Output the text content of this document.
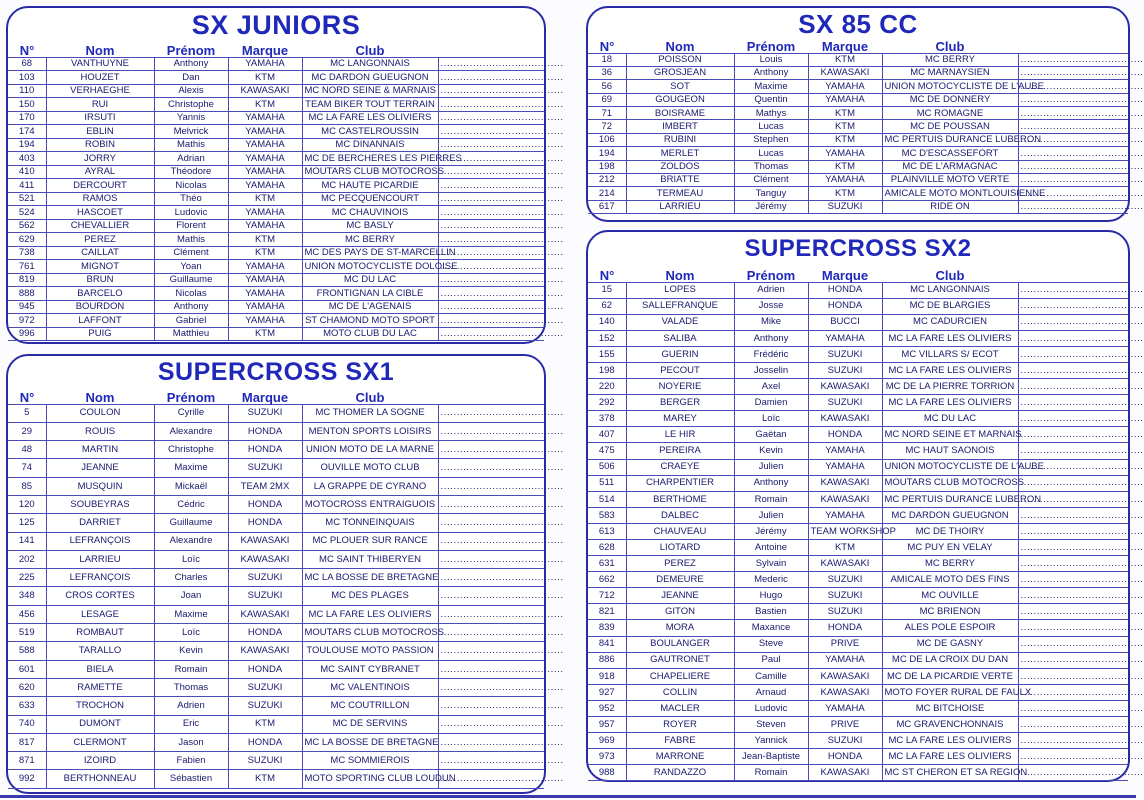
SX JUNIORS
N°	Nom	Prénom	Marque	Club	
68	VANTHUYNE	Anthony	YAMAHA	MC LANGONNAIS	......................................
103	HOUZET	Dan	KTM	MC DARDON GUEUGNON	......................................
110	VERHAEGHE	Alexis	KAWASAKI	MC NORD SEINE & MARNAIS	......................................
150	RUI	Christophe	KTM	TEAM BIKER TOUT TERRAIN	......................................
170	IRSUTI	Yannis	YAMAHA	MC LA FARE LES OLIVIERS	......................................
174	EBLIN	Melvrick	YAMAHA	MC CASTELROUSSIN	......................................
194	ROBIN	Mathis	YAMAHA	MC DINANNAIS	......................................
403	JORRY	Adrian	YAMAHA	MC DE BERCHERES LES PIERRES	......................................
410	AYRAL	Théodore	YAMAHA	MOUTARS CLUB MOTOCROSS	......................................
411	DERCOURT	Nicolas	YAMAHA	MC HAUTE PICARDIE	......................................
521	RAMOS	Théo	KTM	MC PECQUENCOURT	......................................
524	HASCOET	Ludovic	YAMAHA	MC CHAUVINOIS	......................................
562	CHEVALLIER	Florent	YAMAHA	MC BASLY	......................................
629	PEREZ	Mathis	KTM	MC BERRY	......................................
738	CAILLAT	Clément	KTM	MC DES PAYS DE ST-MARCELLIN	......................................
761	MIGNOT	Yoan	YAMAHA	UNION MOTOCYCLISTE DOLOISE	......................................
819	BRUN	Guillaume	YAMAHA	MC DU LAC	......................................
888	BARCELO	Nicolas	YAMAHA	FRONTIGNAN LA CIBLE	......................................
945	BOURDON	Anthony	YAMAHA	MC DE L'AGENAIS	......................................
972	LAFFONT	Gabriel	YAMAHA	ST CHAMOND MOTO SPORT	......................................
996	PUIG	Matthieu	KTM	MOTO CLUB DU LAC	......................................
SUPERCROSS SX1
N°	Nom	Prénom	Marque	Club	
5	COULON	Cyrille	SUZUKI	MC THOMER LA SOGNE	......................................
29	ROUIS	Alexandre	HONDA	MENTON SPORTS LOISIRS	......................................
48	MARTIN	Christophe	HONDA	UNION MOTO DE LA MARNE	......................................
74	JEANNE	Maxime	SUZUKI	OUVILLE MOTO CLUB	......................................
85	MUSQUIN	Mickaël	TEAM 2MX	LA GRAPPE DE CYRANO	......................................
120	SOUBEYRAS	Cédric	HONDA	MOTOCROSS ENTRAIGUOIS	......................................
125	DARRIET	Guillaume	HONDA	MC TONNEINQUAIS	......................................
141	LEFRANÇOIS	Alexandre	KAWASAKI	MC PLOUER SUR RANCE	......................................
202	LARRIEU	Loïc	KAWASAKI	MC SAINT THIBERYEN	......................................
225	LEFRANÇOIS	Charles	SUZUKI	MC LA BOSSE DE BRETAGNE	......................................
348	CROS CORTES	Joan	SUZUKI	MC DES PLAGES	......................................
456	LESAGE	Maxime	KAWASAKI	MC LA FARE LES OLIVIERS	......................................
519	ROMBAUT	Loïc	HONDA	MOUTARS CLUB MOTOCROSS	......................................
588	TARALLO	Kevin	KAWASAKI	TOULOUSE MOTO PASSION	......................................
601	BIELA	Romain	HONDA	MC SAINT CYBRANET	......................................
620	RAMETTE	Thomas	SUZUKI	MC VALENTINOIS	......................................
633	TROCHON	Adrien	SUZUKI	MC COUTRILLON	......................................
740	DUMONT	Eric	KTM	MC DE SERVINS	......................................
817	CLERMONT	Jason	HONDA	MC LA BOSSE DE BRETAGNE	......................................
871	IZOIRD	Fabien	SUZUKI	MC SOMMIEROIS	......................................
992	BERTHONNEAU	Sébastien	KTM	MOTO SPORTING CLUB LOUDUN	......................................
SX 85 CC
N°	Nom	Prénom	Marque	Club	
18	POISSON	Louis	KTM	MC BERRY	......................................
36	GROSJEAN	Anthony	KAWASAKI	MC MARNAYSIEN	......................................
56	SOT	Maxime	YAMAHA	UNION MOTOCYCLISTE DE L'AUBE	......................................
69	GOUGEON	Quentin	YAMAHA	MC DE DONNERY	......................................
71	BOISRAME	Mathys	KTM	MC ROMAGNE	......................................
72	IMBERT	Lucas	KTM	MC DE POUSSAN	......................................
106	RUBINI	Stephen	KTM	MC PERTUIS DURANCE LUBERON	......................................
194	MERLET	Lucas	YAMAHA	MC D'ESCASSEFORT	......................................
198	ZOLDOS	Thomas	KTM	MC DE L'ARMAGNAC	......................................
212	BRIATTE	Clément	YAMAHA	PLAINVILLE MOTO VERTE	......................................
214	TERMEAU	Tanguy	KTM	AMICALE MOTO MONTLOUISIENNE	......................................
617	LARRIEU	Jérémy	SUZUKI	RIDE ON	......................................
SUPERCROSS SX2
N°	Nom	Prénom	Marque	Club	
15	LOPES	Adrien	HONDA	MC LANGONNAIS	......................................
62	SALLEFRANQUE	Josse	HONDA	MC DE BLARGIES	......................................
140	VALADE	Mike	BUCCI	MC CADURCIEN	......................................
152	SALIBA	Anthony	YAMAHA	MC LA FARE LES OLIVIERS	......................................
155	GUERIN	Frédéric	SUZUKI	MC VILLARS S/ ECOT	......................................
198	PECOUT	Josselin	SUZUKI	MC LA FARE LES OLIVIERS	......................................
220	NOYERIE	Axel	KAWASAKI	MC DE LA PIERRE TORRION	......................................
292	BERGER	Damien	SUZUKI	MC LA FARE LES OLIVIERS	......................................
378	MAREY	Loïc	KAWASAKI	MC DU LAC	......................................
407	LE HIR	Gaëtan	HONDA	MC NORD SEINE ET MARNAIS	......................................
475	PEREIRA	Kevin	YAMAHA	MC HAUT SAONOIS	......................................
506	CRAEYE	Julien	YAMAHA	UNION MOTOCYCLISTE DE L'AUBE	......................................
511	CHARPENTIER	Anthony	KAWASAKI	MOUTARS CLUB MOTOCROSS	......................................
514	BERTHOME	Romain	KAWASAKI	MC PERTUIS DURANCE LUBERON	......................................
583	DALBEC	Julien	YAMAHA	MC DARDON GUEUGNON	......................................
613	CHAUVEAU	Jérémy	TEAM WORKSHOP	MC DE THOIRY	......................................
628	LIOTARD	Antoine	KTM	MC PUY EN VELAY	......................................
631	PEREZ	Sylvain	KAWASAKI	MC BERRY	......................................
662	DEMEURE	Mederic	SUZUKI	AMICALE MOTO DES FINS	......................................
712	JEANNE	Hugo	SUZUKI	MC OUVILLE	......................................
821	GITON	Bastien	SUZUKI	MC BRIENON	......................................
839	MORA	Maxance	HONDA	ALES POLE ESPOIR	......................................
841	BOULANGER	Steve	PRIVE	MC DE GASNY	......................................
886	GAUTRONET	Paul	YAMAHA	MC DE LA CROIX DU DAN	......................................
918	CHAPELIERE	Camille	KAWASAKI	MC DE LA PICARDIE VERTE	......................................
927	COLLIN	Arnaud	KAWASAKI	MOTO FOYER RURAL DE FAULX	......................................
952	MACLER	Ludovic	YAMAHA	MC BITCHOISE	......................................
957	ROYER	Steven	PRIVE	MC GRAVENCHONNAIS	......................................
969	FABRE	Yannick	SUZUKI	MC LA FARE LES OLIVIERS	......................................
973	MARRONE	Jean-Baptiste	HONDA	MC LA FARE LES OLIVIERS	......................................
988	RANDAZZO	Romain	KAWASAKI	MC ST CHERON ET SA REGION	......................................
